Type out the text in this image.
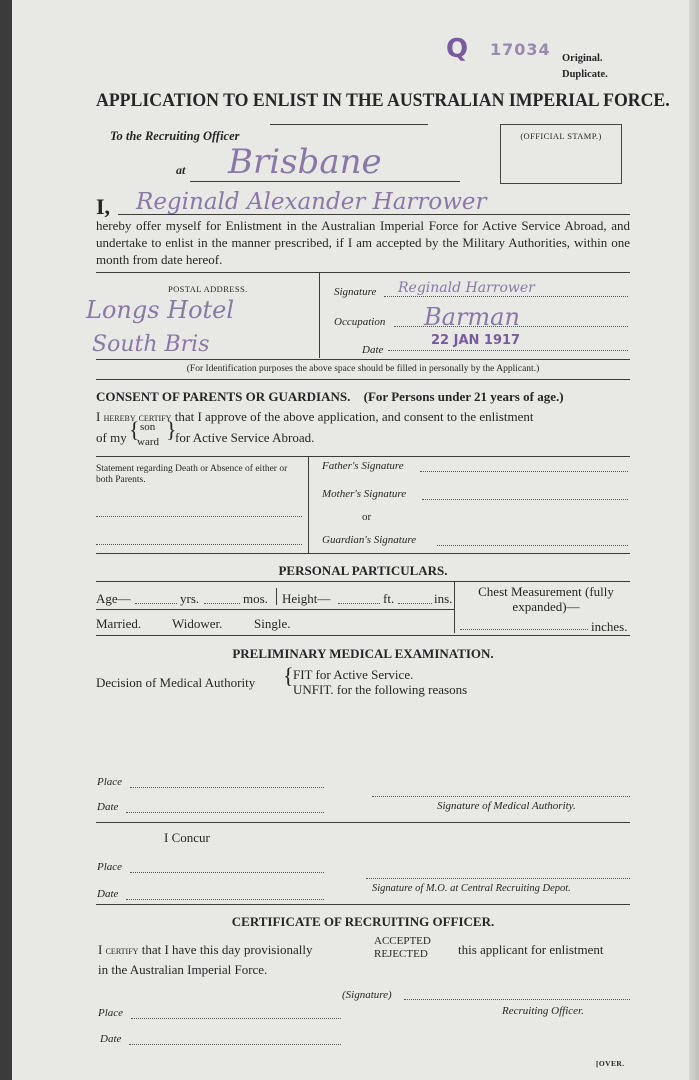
Q 17034 Original.
Duplicate.
APPLICATION TO ENLIST IN THE AUSTRALIAN IMPERIAL FORCE.
To the Recruiting Officer
at Brisbane
(OFFICIAL STAMP.)
I, Reginald Alexander Harrower
hereby offer myself for Enlistment in the Australian Imperial Force for Active Service Abroad, and undertake to enlist in the manner prescribed, if I am accepted by the Military Authorities, within one month from date hereof.
POSTAL ADDRESS.
Longs Hotel
South Bris
Signature Reginald Harrower
Occupation Barman
Date
22 JAN 1917
(For Identification purposes the above space should be filled in personally by the Applicant.)
CONSENT OF PARENTS OR GUARDIANS. (For Persons under 21 years of age.)
I hereby certify that I approve of the above application, and consent to the enlistment
of my { son
ward }
for Active Service Abroad.
Statement regarding Death or Absence of either or both Parents.
Father's Signature
Mother's Signature
or
Guardian's Signature
PERSONAL PARTICULARS.
Age—	yrs.	mos. Height—	ft.	ins.	Chest Measurement (fully expanded)—
Married. Widower. Single.	inches.
PRELIMINARY MEDICAL EXAMINATION.
Decision of Medical Authority { FIT for Active Service.
UNFIT. for the following reasons
Place
Date	Signature of Medical Authority.
I Concur
Place
Signature of M.O. at Central Recruiting Depot.
Date
CERTIFICATE OF RECRUITING OFFICER.
I certify that I have this day provisionally
ACCEPTED
REJECTED this applicant for enlistment
in the Australian Imperial Force.
(Signature)
Place	Recruiting Officer.
Date
[OVER.
